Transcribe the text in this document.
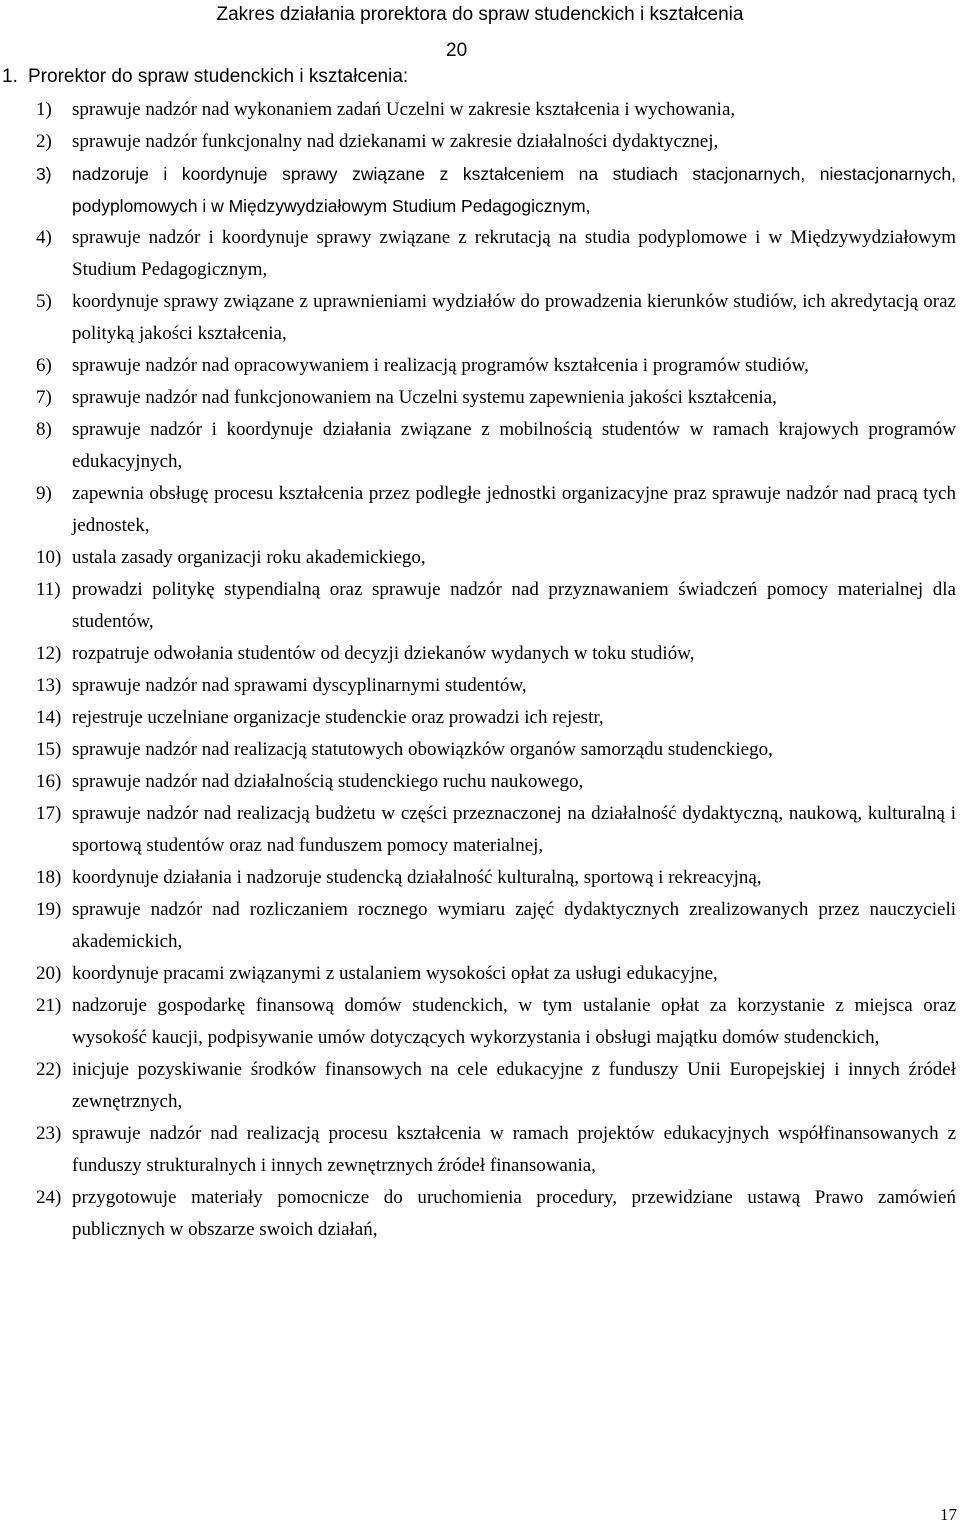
Zakres działania prorektora do spraw studenckich i kształcenia
20
1. Prorektor do spraw studenckich i kształcenia:
1) sprawuje nadzór nad wykonaniem zadań Uczelni w zakresie kształcenia i wychowania,
2) sprawuje nadzór funkcjonalny nad dziekanami w zakresie działalności dydaktycznej,
3) nadzoruje i koordynuje sprawy związane z kształceniem na studiach stacjonarnych, niestacjonarnych, podyplomowych i w Międzywydziałowym Studium Pedagogicznym,
4) sprawuje nadzór i koordynuje sprawy związane z rekrutacją na studia podyplomowe i w Międzywydziałowym Studium Pedagogicznym,
5) koordynuje sprawy związane z uprawnieniami wydziałów do prowadzenia kierunków studiów, ich akredytacją oraz polityką jakości kształcenia,
6) sprawuje nadzór nad opracowywaniem i realizacją programów kształcenia i programów studiów,
7) sprawuje nadzór nad funkcjonowaniem na Uczelni systemu zapewnienia jakości kształcenia,
8) sprawuje nadzór i koordynuje działania związane z mobilnością studentów w ramach krajowych programów edukacyjnych,
9) zapewnia obsługę procesu kształcenia przez podległe jednostki organizacyjne praz sprawuje nadzór nad pracą tych jednostek,
10) ustala zasady organizacji roku akademickiego,
11) prowadzi politykę stypendialną oraz sprawuje nadzór nad przyznawaniem świadczeń pomocy materialnej dla studentów,
12) rozpatruje odwołania studentów od decyzji dziekanów wydanych w toku studiów,
13) sprawuje nadzór nad sprawami dyscyplinarnymi studentów,
14) rejestruje uczelniane organizacje studenckie oraz prowadzi ich rejestr,
15) sprawuje nadzór nad realizacją statutowych obowiązków organów samorządu studenckiego,
16) sprawuje nadzór nad działalnością studenckiego ruchu naukowego,
17) sprawuje nadzór nad realizacją budżetu w części przeznaczonej na działalność dydaktyczną, naukową, kulturalną i sportową studentów oraz nad funduszem pomocy materialnej,
18) koordynuje działania i nadzoruje studencką działalność kulturalną, sportową i rekreacyjną,
19) sprawuje nadzór nad rozliczaniem rocznego wymiaru zajęć dydaktycznych zrealizowanych przez nauczycieli akademickich,
20) koordynuje pracami związanymi z ustalaniem wysokości opłat za usługi edukacyjne,
21) nadzoruje gospodarkę finansową domów studenckich, w tym ustalanie opłat za korzystanie z miejsca oraz wysokość kaucji, podpisywanie umów dotyczących wykorzystania i obsługi majątku domów studenckich,
22) inicjuje pozyskiwanie środków finansowych na cele edukacyjne z funduszy Unii Europejskiej i innych źródeł zewnętrznych,
23) sprawuje nadzór nad realizacją procesu kształcenia w ramach projektów edukacyjnych współfinansowanych z funduszy strukturalnych i innych zewnętrznych źródeł finansowania,
24) przygotowuje materiały pomocnicze do uruchomienia procedury, przewidziane ustawą Prawo zamówień publicznych w obszarze swoich działań,
17
